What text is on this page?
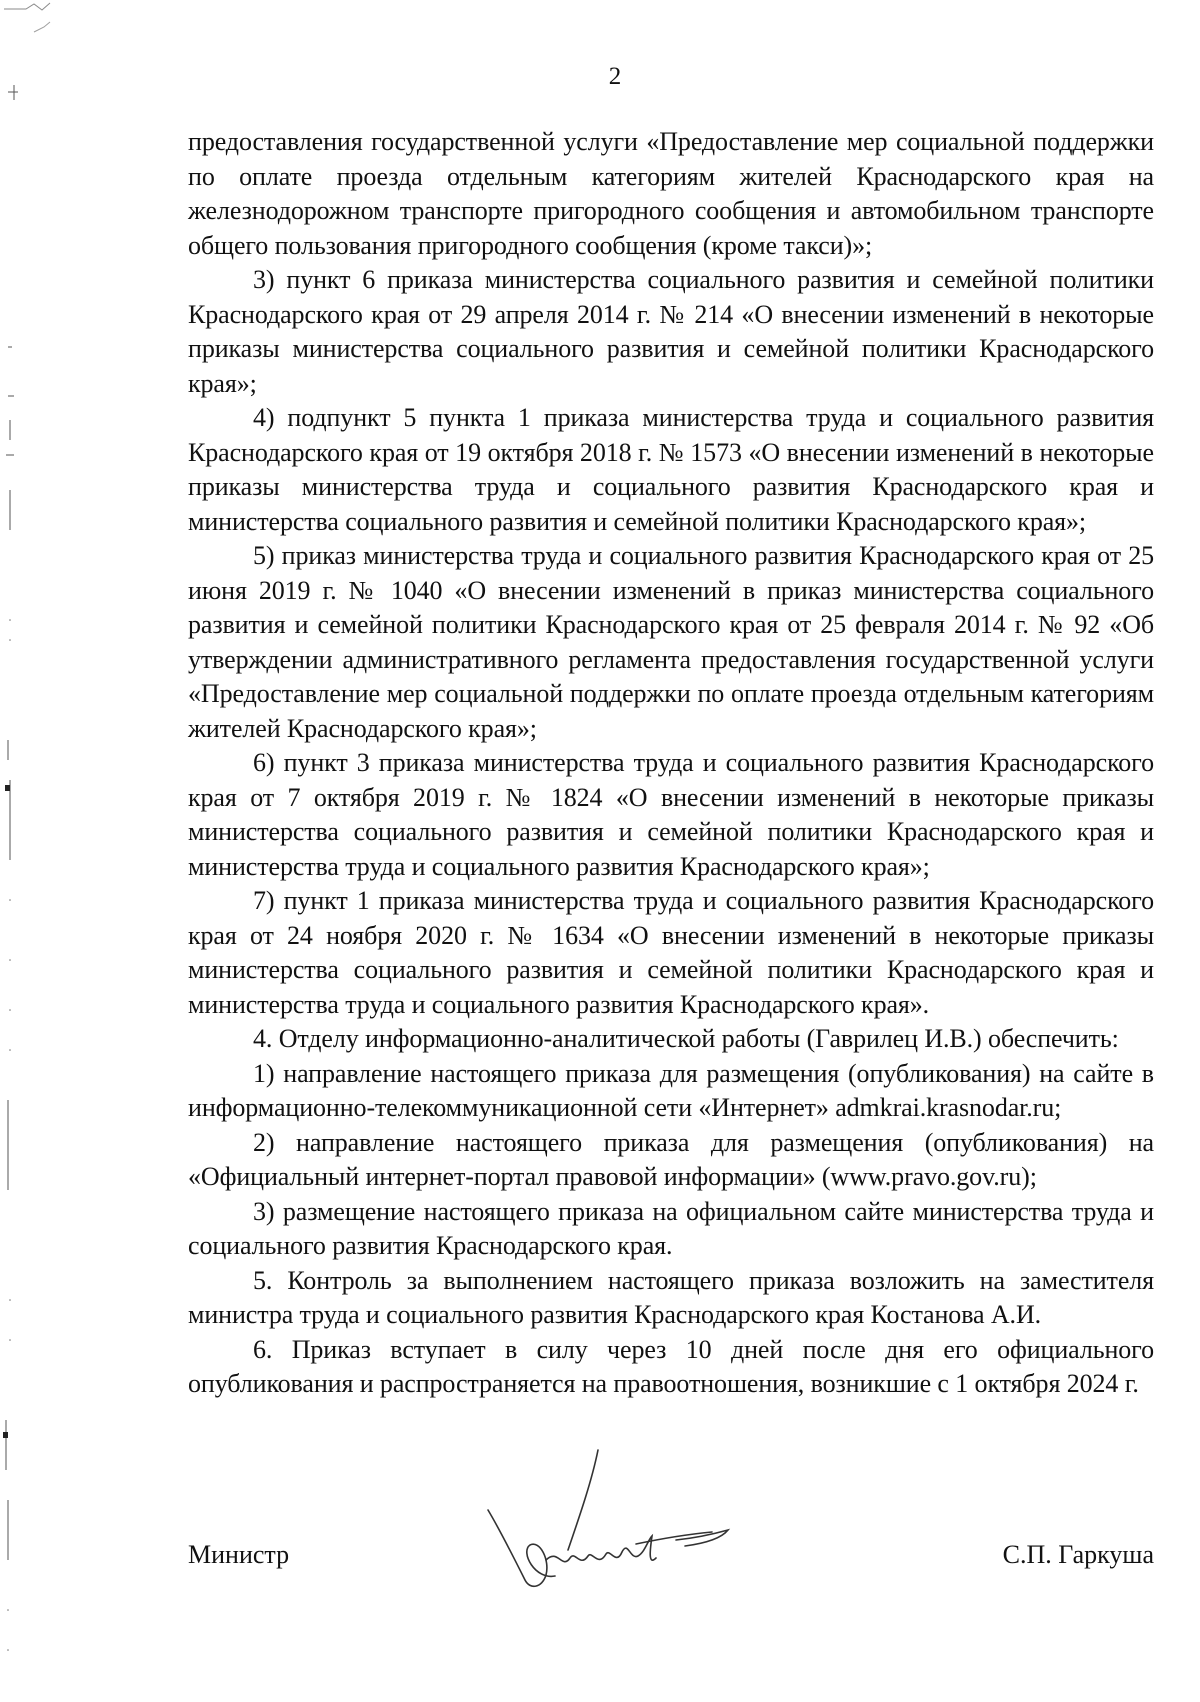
2

предоставления государственной услуги «Предоставление мер социальной поддержки по оплате проезда отдельным категориям жителей Краснодарского края на железнодорожном транспорте пригородного сообщения и автомобильном транспорте общего пользования пригородного сообщения (кроме такси)»;

3) пункт 6 приказа министерства социального развития и семейной политики Краснодарского края от 29 апреля 2014 г. № 214 «О внесении изменений в некоторые приказы министерства социального развития и семейной политики Краснодарского края»;

4) подпункт 5 пункта 1 приказа министерства труда и социального развития Краснодарского края от 19 октября 2018 г. № 1573 «О внесении изменений в некоторые приказы министерства труда и социального развития Краснодарского края и министерства социального развития и семейной политики Краснодарского края»;

5) приказ министерства труда и социального развития Краснодарского края от 25 июня 2019 г. № 1040 «О внесении изменений в приказ министерства социального развития и семейной политики Краснодарского края от 25 февраля 2014 г. № 92 «Об утверждении административного регламента предоставления государственной услуги «Предоставление мер социальной поддержки по оплате проезда отдельным категориям жителей Краснодарского края»;

6) пункт 3 приказа министерства труда и социального развития Краснодарского края от 7 октября 2019 г. № 1824 «О внесении изменений в некоторые приказы министерства социального развития и семейной политики Краснодарского края и министерства труда и социального развития Краснодарского края»;

7) пункт 1 приказа министерства труда и социального развития Краснодарского края от 24 ноября 2020 г. № 1634 «О внесении изменений в некоторые приказы министерства социального развития и семейной политики Краснодарского края и министерства труда и социального развития Краснодарского края».

4. Отделу информационно-аналитической работы (Гаврилец И.В.) обеспечить:

1) направление настоящего приказа для размещения (опубликования) на сайте в информационно-телекоммуникационной сети «Интернет» admkrai.krasnodar.ru;

2) направление настоящего приказа для размещения (опубликования) на «Официальный интернет-портал правовой информации» (www.pravo.gov.ru);

3) размещение настоящего приказа на официальном сайте министерства труда и социального развития Краснодарского края.

5. Контроль за выполнением настоящего приказа возложить на заместителя министра труда и социального развития Краснодарского края Костанова А.И.

6. Приказ вступает в силу через 10 дней после дня его официального опубликования и распространяется на правоотношения, возникшие с 1 октября 2024 г.

Министр	С.П. Гаркуша
